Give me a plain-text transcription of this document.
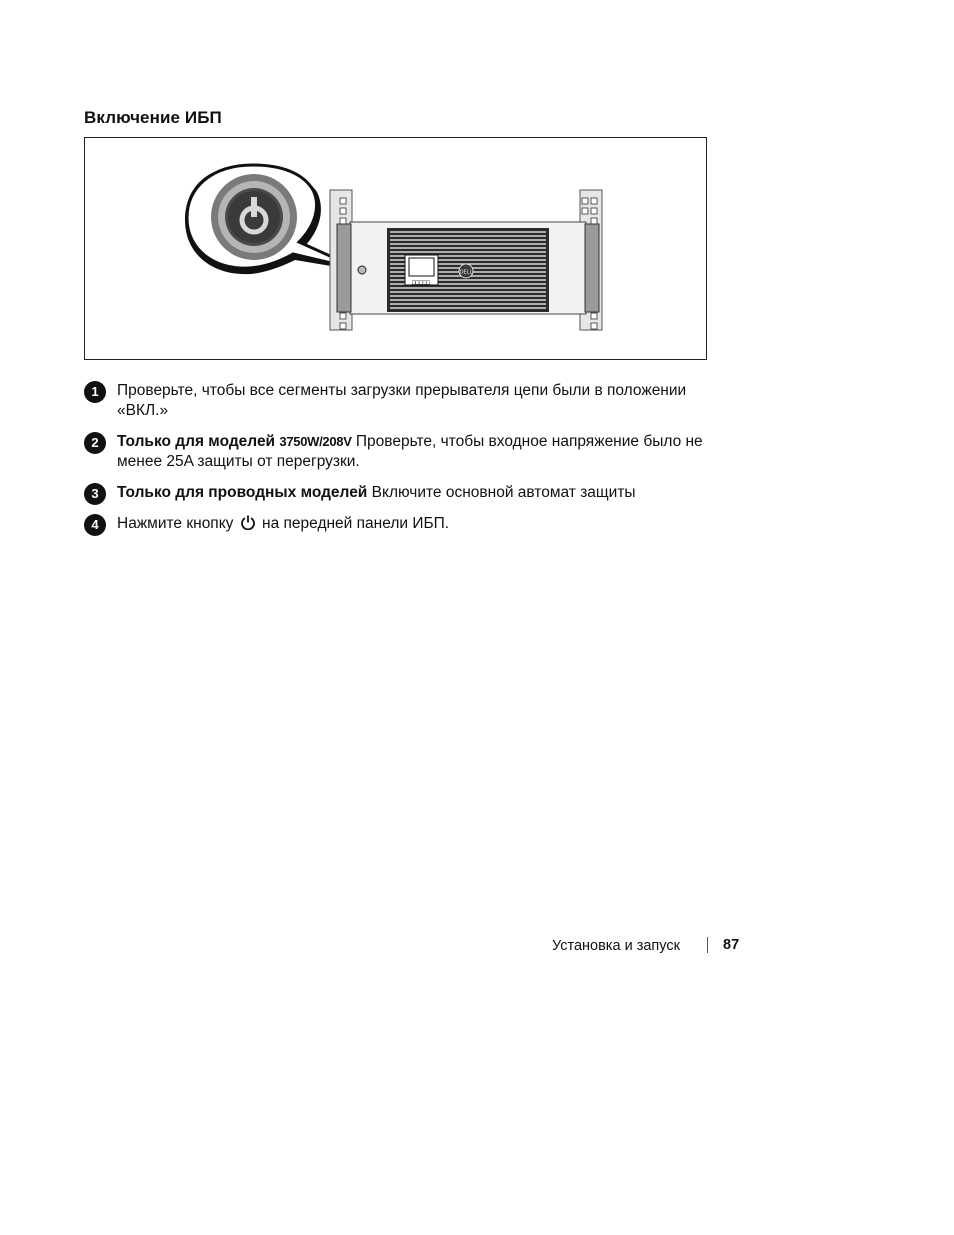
Включение ИБП
□□□□□
DELL
1	Проверьте, чтобы все сегменты загрузки прерывателя цепи были в положении «ВКЛ.»
2	Только для моделей 3750W/208V Проверьте, чтобы входное напряжение было не менее 25A защиты от перегрузки.
3	Только для проводных моделей Включите основной автомат защиты
4	Нажмите кнопку на передней панели ИБП.
Установка и запуск	87
